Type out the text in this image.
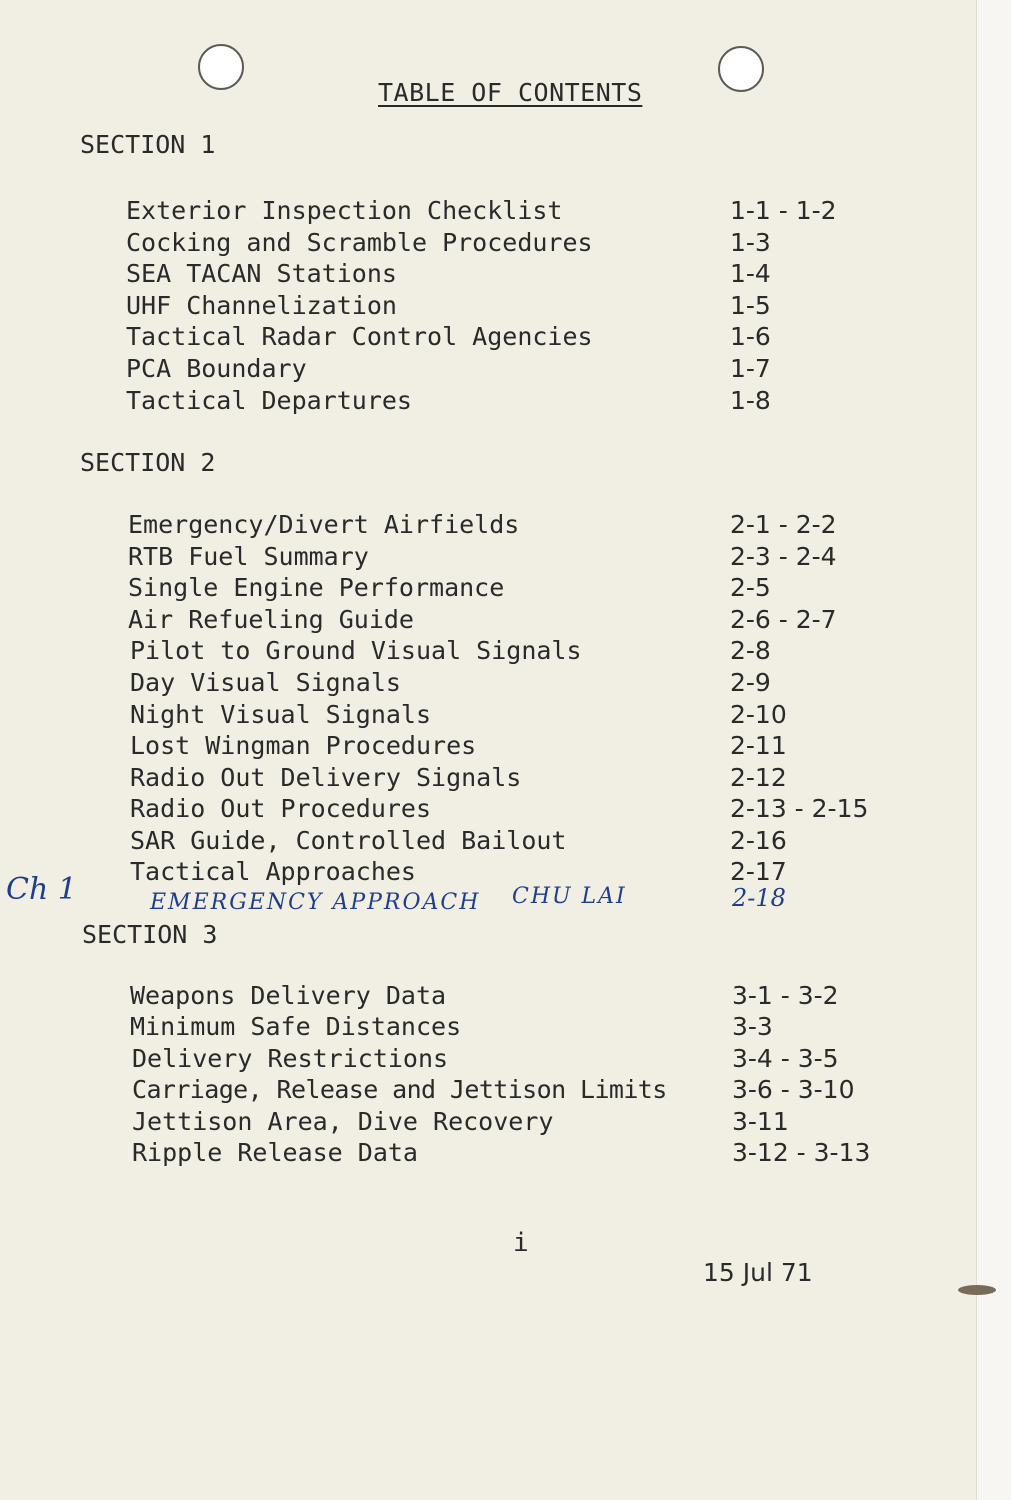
TABLE OF CONTENTS
SECTION 1
Exterior Inspection Checklist	1-1 - 1-2
Cocking and Scramble Procedures	1-3
SEA TACAN Stations	1-4
UHF Channelization	1-5
Tactical Radar Control Agencies	1-6
PCA Boundary	1-7
Tactical Departures	1-8
SECTION 2
Emergency/Divert Airfields	2-1 - 2-2
RTB Fuel Summary	2-3 - 2-4
Single Engine Performance	2-5
Air Refueling Guide	2-6 - 2-7
Pilot to Ground Visual Signals	2-8
Day Visual Signals	2-9
Night Visual Signals	2-10
Lost Wingman Procedures	2-11
Radio Out Delivery Signals	2-12
Radio Out Procedures	2-13 - 2-15
SAR Guide, Controlled Bailout	2-16
Tactical Approaches	2-17
Ch 1	EMERGENCY APPROACH CHU LAI	2-18
SECTION 3
Weapons Delivery Data	3-1 - 3-2
Minimum Safe Distances	3-3
Delivery Restrictions	3-4 - 3-5
Carriage, Release and Jettison Limits	3-6 - 3-10
Jettison Area, Dive Recovery	3-11
Ripple Release Data	3-12 - 3-13
i
15 Jul 71
